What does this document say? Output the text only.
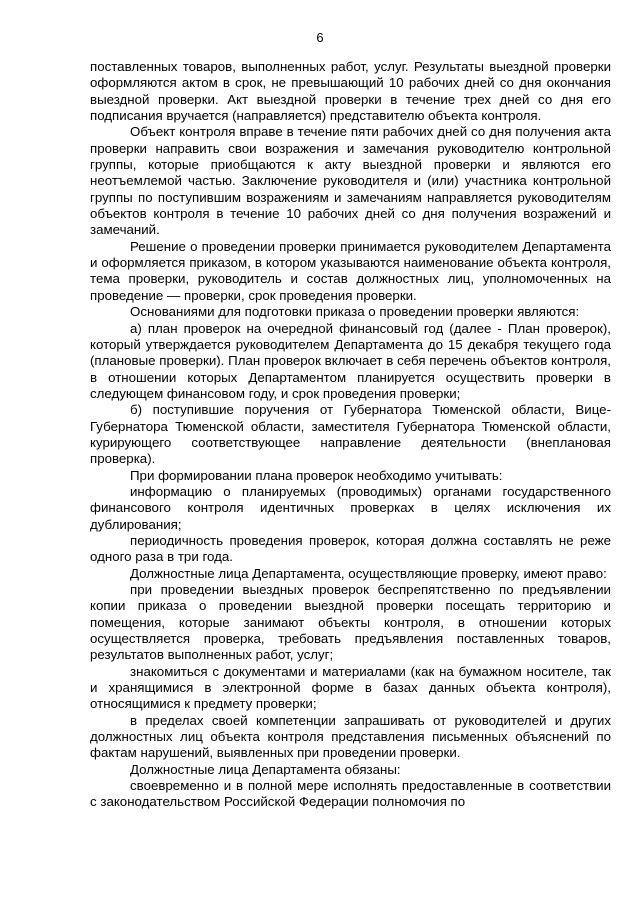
6

поставленных товаров, выполненных работ, услуг. Результаты выездной проверки оформляются актом в срок, не превышающий 10 рабочих дней со дня окончания выездной проверки. Акт выездной проверки в течение трех дней со дня его подписания вручается (направляется) представителю объекта контроля.

Объект контроля вправе в течение пяти рабочих дней со дня получения акта проверки направить свои возражения и замечания руководителю контрольной группы, которые приобщаются к акту выездной проверки и являются его неотъемлемой частью. Заключение руководителя и (или) участника контрольной группы по поступившим возражениям и замечаниям направляется руководителям объектов контроля в течение 10 рабочих дней со дня получения возражений и замечаний.

Решение о проведении проверки принимается руководителем Департамента и оформляется приказом, в котором указываются наименование объекта контроля, тема проверки, руководитель и состав должностных лиц, уполномоченных на проведение — проверки, срок проведения проверки.

Основаниями для подготовки приказа о проведении проверки являются:

а) план проверок на очередной финансовый год (далее - План проверок), который утверждается руководителем Департамента до 15 декабря текущего года (плановые проверки). План проверок включает в себя перечень объектов контроля, в отношении которых Департаментом планируется осуществить проверки в следующем финансовом году, и срок проведения проверки;

б) поступившие поручения от Губернатора Тюменской области, Вице-Губернатора Тюменской области, заместителя Губернатора Тюменской области, курирующего соответствующее направление деятельности (внеплановая проверка).

При формировании плана проверок необходимо учитывать:

информацию о планируемых (проводимых) органами государственного финансового контроля идентичных проверках в целях исключения их дублирования;

периодичность проведения проверок, которая должна составлять не реже одного раза в три года.

Должностные лица Департамента, осуществляющие проверку, имеют право:

при проведении выездных проверок беспрепятственно по предъявлении копии приказа о проведении выездной проверки посещать территорию и помещения, которые занимают объекты контроля, в отношении которых осуществляется проверка, требовать предъявления поставленных товаров, результатов выполненных работ, услуг;

знакомиться с документами и материалами (как на бумажном носителе, так и хранящимися в электронной форме в базах данных объекта контроля), относящимися к предмету проверки;

в пределах своей компетенции запрашивать от руководителей и других должностных лиц объекта контроля представления письменных объяснений по фактам нарушений, выявленных при проведении проверки.

Должностные лица Департамента обязаны:

своевременно и в полной мере исполнять предоставленные в соответствии с законодательством Российской Федерации полномочия по
